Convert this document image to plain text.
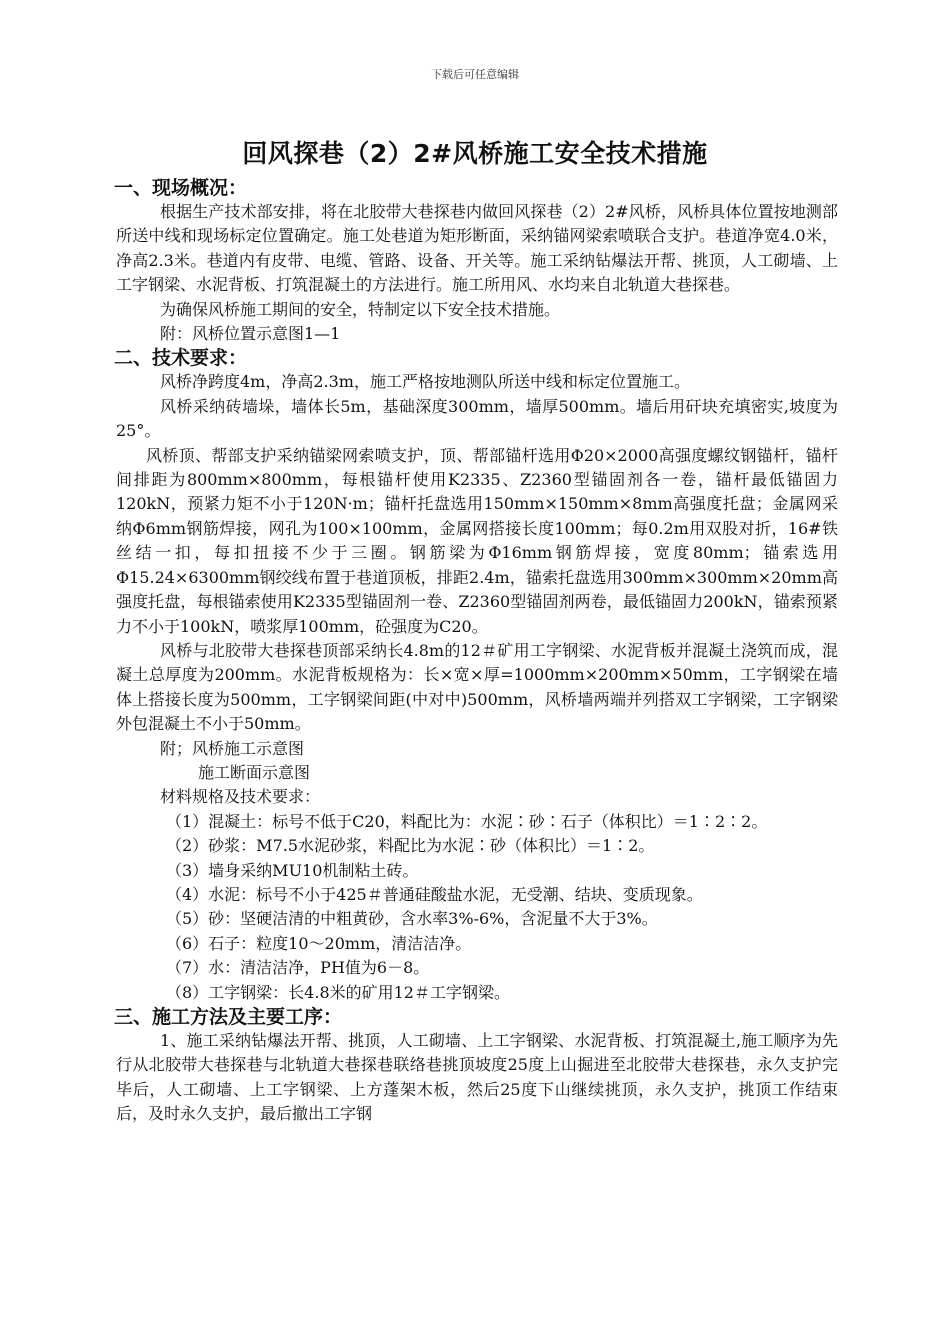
下载后可任意编辑
回风探巷（2）2#风桥施工安全技术措施
一、现场概况：

根据生产技术部安排，将在北胶带大巷探巷内做回风探巷（2）2#风桥，风桥具体位置按地测部所送中线和现场标定位置确定。施工处巷道为矩形断面，采纳锚网梁索喷联合支护。巷道净宽4.0米，净高2.3米。巷道内有皮带、电缆、管路、设备、开关等。施工采纳钻爆法开帮、挑顶，人工砌墙、上工字钢梁、水泥背板、打筑混凝土的方法进行。施工所用风、水均来自北轨道大巷探巷。

为确保风桥施工期间的安全，特制定以下安全技术措施。

附：风桥位置示意图1—1

二、技术要求：

风桥净跨度4m，净高2.3m，施工严格按地测队所送中线和标定位置施工。

风桥采纳砖墙垛，墙体长5m，基础深度300mm，墙厚500mm。墙后用矸块充填密实,坡度为25°。

风桥顶、帮部支护采纳锚梁网索喷支护，顶、帮部锚杆选用Φ20×2000高强度螺纹钢锚杆，锚杆间排距为800mm×800mm，每根锚杆使用K2335、Z2360型锚固剂各一卷，锚杆最低锚固力120kN，预紧力矩不小于120N·m；锚杆托盘选用150mm×150mm×8mm高强度托盘；金属网采纳Φ6mm钢筋焊接，网孔为100×100mm，金属网搭接长度100mm；每0.2m用双股对折，16#铁丝结一扣，每扣扭接不少于三圈。钢筋梁为Φ16mm钢筋焊接，宽度80mm；锚索选用Φ15.24×6300mm钢绞线布置于巷道顶板，排距2.4m，锚索托盘选用300mm×300mm×20mm高强度托盘，每根锚索使用K2335型锚固剂一卷、Z2360型锚固剂两卷，最低锚固力200kN，锚索预紧力不小于100kN，喷浆厚100mm，砼强度为C20。

风桥与北胶带大巷探巷顶部采纳长4.8m的12＃矿用工字钢梁、水泥背板并混凝土浇筑而成，混凝土总厚度为200mm。水泥背板规格为：长×宽×厚=1000mm×200mm×50mm，工字钢梁在墙体上搭接长度为500mm，工字钢梁间距(中对中)500mm，风桥墙两端并列搭双工字钢梁，工字钢梁外包混凝土不小于50mm。

附；风桥施工示意图

施工断面示意图

材料规格及技术要求：

（1）混凝土：标号不低于C20，料配比为：水泥∶砂∶石子（体积比）＝1∶2∶2。

（2）砂浆：M7.5水泥砂浆，料配比为水泥∶砂（体积比）＝1∶2。

（3）墙身采纳MU10机制粘土砖。

（4）水泥：标号不小于425＃普通硅酸盐水泥，无受潮、结块、变质现象。

（5）砂：坚硬洁清的中粗黄砂，含水率3%-6%，含泥量不大于3%。

（6）石子：粒度10～20mm，清洁洁净。

（7）水：清洁洁净，PH值为6－8。

（8）工字钢梁：长4.8米的矿用12＃工字钢梁。

三、施工方法及主要工序：

1、施工采纳钻爆法开帮、挑顶，人工砌墙、上工字钢梁、水泥背板、打筑混凝土,施工顺序为先行从北胶带大巷探巷与北轨道大巷探巷联络巷挑顶坡度25度上山掘进至北胶带大巷探巷，永久支护完毕后，人工砌墙、上工字钢梁、上方蓬架木板，然后25度下山继续挑顶，永久支护，挑顶工作结束后，及时永久支护，最后撤出工字钢
